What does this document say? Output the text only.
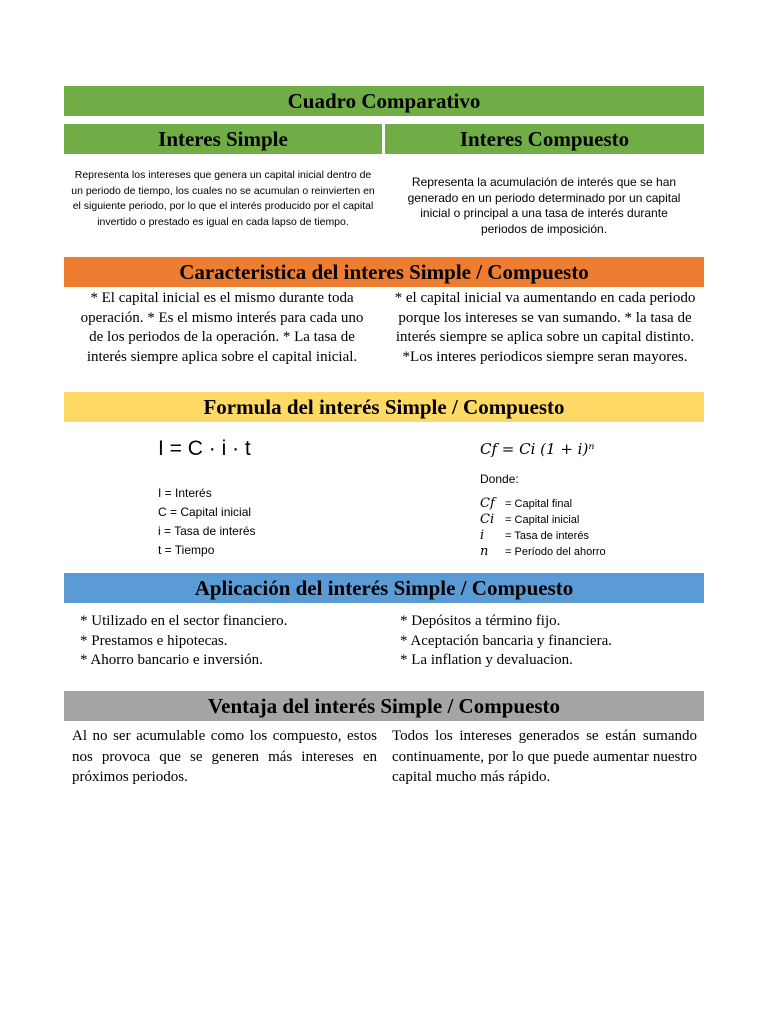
Cuadro Comparativo
Interes Simple	Interes Compuesto
Representa los intereses que genera un capital inicial dentro de un periodo de tiempo, los cuales no se acumulan o reinvierten en el siguiente periodo, por lo que el interés producido por el capital invertido o prestado es igual en cada lapso de tiempo.
Representa la acumulación de interés que se han generado en un periodo determinado por un capital inicial o principal a una tasa de interés durante periodos de imposición.
Caracteristica del interes Simple / Compuesto
* El capital inicial es el mismo durante toda operación. * Es el mismo interés para cada uno de los periodos de la operación. * La tasa de interés siempre aplica sobre el capital inicial.
* el capital inicial va aumentando en cada periodo porque los intereses se van sumando. * la tasa de interés siempre se aplica sobre un capital distinto. *Los interes periodicos siempre seran mayores.
Formula del interés Simple / Compuesto
I = C · i · t
I = Interés
C = Capital inicial
i = Tasa de interés
t = Tiempo
Cf = Ci (1 + i)ⁿ
Donde:
Cf = Capital final
Ci = Capital inicial
i = Tasa de interés
n = Período del ahorro
Aplicación del interés Simple / Compuesto
* Utilizado en el sector financiero.
* Prestamos e hipotecas.
* Ahorro bancario e inversión.
* Depósitos a término fijo.
* Aceptación bancaria y financiera.
* La inflation y devaluacion.
Ventaja del interés Simple / Compuesto
Al no ser acumulable como los compuesto, estos nos provoca que se generen más intereses en próximos periodos.
Todos los intereses generados se están sumando continuamente, por lo que puede aumentar nuestro capital mucho más rápido.
